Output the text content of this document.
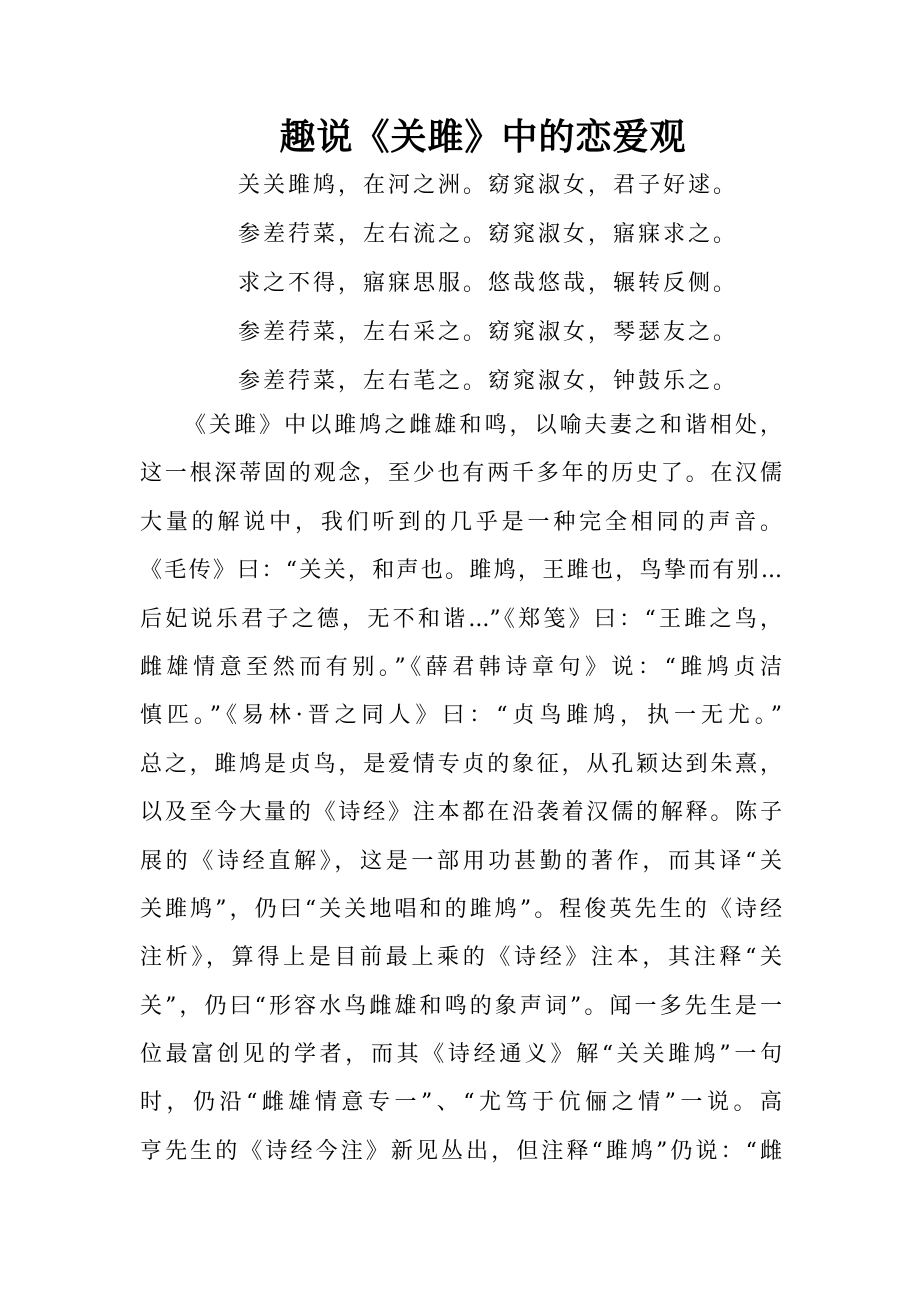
趣说《关雎》中的恋爱观
关关雎鸠，在河之洲。窈窕淑女，君子好逑。
参差荇菜，左右流之。窈窕淑女，寤寐求之。
求之不得，寤寐思服。悠哉悠哉，辗转反侧。
参差荇菜，左右采之。窈窕淑女，琴瑟友之。
参差荇菜，左右芼之。窈窕淑女，钟鼓乐之。
《关雎》中以雎鸠之雌雄和鸣，以喻夫妻之和谐相处，
这一根深蒂固的观念，至少也有两千多年的历史了。在汉儒
大量的解说中，我们听到的几乎是一种完全相同的声音。
《毛传》曰：“关关，和声也。雎鸠，王雎也，鸟挚而有别...
后妃说乐君子之德，无不和谐...”《郑笺》曰：“王雎之鸟，
雌雄情意至然而有别。”《薛君韩诗章句》说：“雎鸠贞洁
慎匹。”《易林·晋之同人》曰：“贞鸟雎鸠，执一无尤。”
总之，雎鸠是贞鸟，是爱情专贞的象征，从孔颖达到朱熹，
以及至今大量的《诗经》注本都在沿袭着汉儒的解释。陈子
展的《诗经直解》，这是一部用功甚勤的著作，而其译“关
关雎鸠”，仍曰“关关地唱和的雎鸠”。程俊英先生的《诗经
注析》，算得上是目前最上乘的《诗经》注本，其注释“关
关”，仍曰“形容水鸟雌雄和鸣的象声词”。闻一多先生是一
位最富创见的学者，而其《诗经通义》解“关关雎鸠”一句
时，仍沿“雌雄情意专一”、“尤笃于伉俪之情”一说。高
亨先生的《诗经今注》新见丛出，但注释“雎鸠”仍说：“雌
